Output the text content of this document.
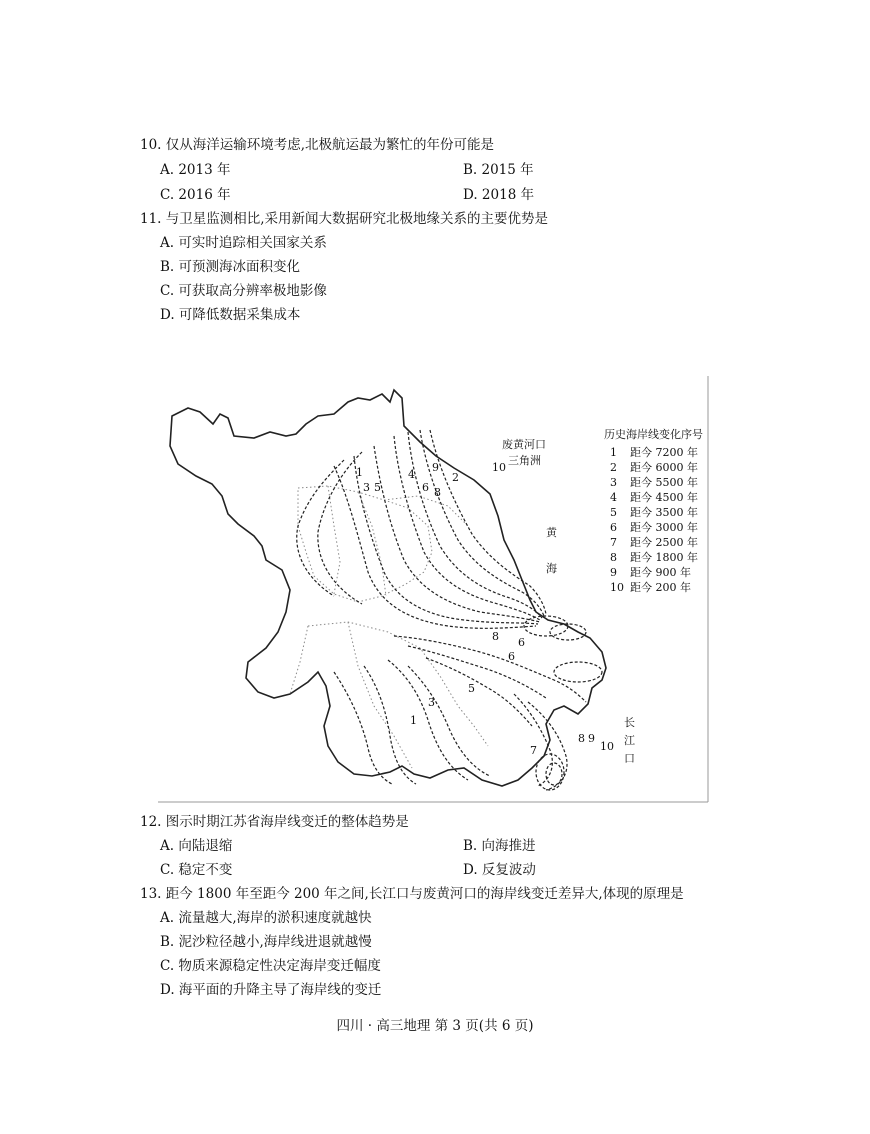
10. 仅从海洋运输环境考虑,北极航运最为繁忙的年份可能是
A. 2013 年	B. 2015 年
C. 2016 年	D. 2018 年
11. 与卫星监测相比,采用新闻大数据研究北极地缘关系的主要优势是
A. 可实时追踪相关国家关系
B. 可预测海冰面积变化
C. 可获取高分辨率极地影像
D. 可降低数据采集成本
1
3 5
4
6
9
8
2
10
8 6
6
5
3
1
7
8 9
10
废黄河口
三角洲
黄
海
长
江
口
历史海岸线变化序号
1 距今 7200 年
2 距今 6000 年
3 距今 5500 年
4 距今 4500 年
5 距今 3500 年
6 距今 3000 年
7 距今 2500 年
8 距今 1800 年
9 距今 900 年
10 距今 200 年
12. 图示时期江苏省海岸线变迁的整体趋势是
A. 向陆退缩	B. 向海推进
C. 稳定不变	D. 反复波动
13. 距今 1800 年至距今 200 年之间,长江口与废黄河口的海岸线变迁差异大,体现的原理是
A. 流量越大,海岸的淤积速度就越快
B. 泥沙粒径越小,海岸线进退就越慢
C. 物质来源稳定性决定海岸变迁幅度
D. 海平面的升降主导了海岸线的变迁
四川 · 高三地理 第 3 页(共 6 页)
